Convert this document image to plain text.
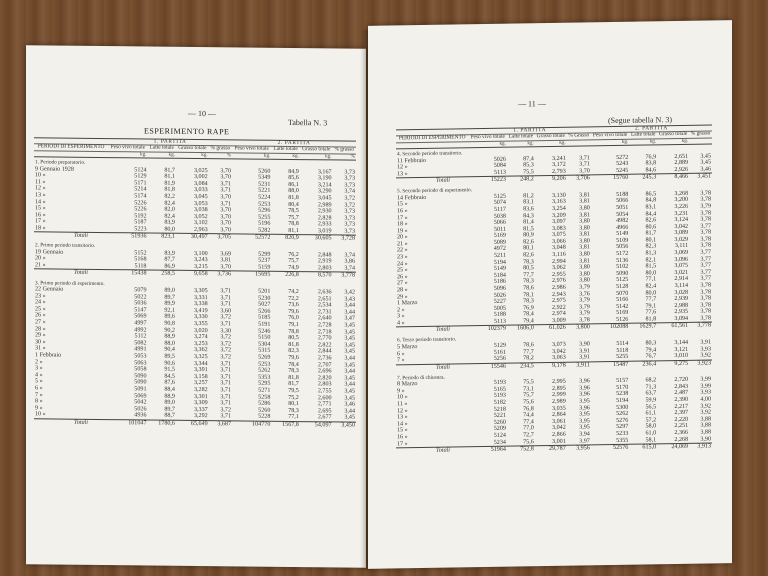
— 10 —
Tabella N. 3
ESPERIMENTO RAPE
	1. PARTITA				2. PARTITA			
PERIODI DI ESPERIMENTO	Peso vivo totale	Latte totale	Grasso totale	% grasso	Peso vivo totale	Latte totale	Grasso totale	% grasso
	kg.	kg.	kg.	%	kg.	kg.	kg.	%
1. Periodo preparatorio.								
9 Gennaio 1928	5124	81,7	3,025	3,70	5260	84,9	3,167	3,73
10 »	5129	81,1	3,002	3,70	5349	85,6	3,190	3,73
11 »	5171	81,9	3,084	3,71	5231	86,1	3,214	3,73
12 »	5214	81,8	3,033	3,71	5221	88,0	3,290	3,74
13 »	5174	82,2	3,045	3,70	5224	81,8	3,045	3,72
14 »	5226	82,4	3,053	3,71	5253	80,4	2,989	3,72
15 »	5226	82,0	3,038	3,70	5296	78,5	2,930	3,73
16 »	5192	82,4	3,052	3,70	5255	75,7	2,828	3,73
17 »	5187	83,9	3,102	3,70	5196	78,8	2,933	3,73
18 »	5223	80,0	2,963	3,70	5282	81,1	3,019	3,73
Totali	51936	823,1	30,497	3,705	52572	820,9	30,605	3,728
2. Primo periodo transitorio.								
19 Gennaio	5152	83,9	3,100	3,69	5299	76,2	2,848	3,74
20 »	5168	87,7	3,243	3,81	5237	75,7	2,919	3,86
21 »	5118	86,9	3,215	3,70	5159	74,9	2,803	3,74
Totali	15438	258,5	9,658	3,736	15695	226,8	8,570	3,778
3. Primo periodo di esperimento.								
22 Gennaio	5079	89,0	3,305	3,71	5201	74,2	2,636	3,42
23 »	5022	89,7	3,331	3,71	5230	72,2	2,651	3,43
24 »	5036	89,9	3,338	3,71	5027	73,6	2,534	3,44
25 »	5147	92,1	3,419	3,60	5266	79,6	2,731	3,44
26 »	5069	89,6	3,330	3,72	5185	76,0	2,640	3,47
27 »	4997	90,8	3,355	3,71	5191	79,1	2,728	3,45
28 »	4992	90,2	3,020	3,30	5246	78,8	2,718	3,45
29 »	5112	88,9	3,274	3,72	5150	80,5	2,770	3,45
30 »	5082	88,0	3,253	3,72	5304	81,8	2,822	3,45
31 »	4991	90,4	3,362	3,72	5315	82,3	2,844	3,45
1 Febbraio	5053	89,5	3,325	3,72	5269	79,6	2,736	3,44
2 »	5063	90,6	3,344	3,71	5253	78,4	2,707	3,45
3 »	5058	91,5	3,391	3,71	5262	78,3	2,696	3,44
4 »	5090	84,5	3,158	3,71	5353	81,8	2,820	3,45
5 »	5090	87,6	3,257	3,71	5295	81,7	2,803	3,44
6 »	5091	88,4	3,282	3,71	5271	79,5	2,755	3,45
7 »	5069	88,9	3,301	3,71	5258	75,2	2,600	3,45
8 »	5042	89,0	3,309	3,71	5286	80,1	2,771	3,46
9 »	5026	89,7	3,337	3,72	5260	78,3	2,695	3,44
10 »	4936	88,7	3,292	3,71	5228	77,1	2,677	3,45
Totali	101047	1780,6	65,649	3,687	104770	1567,8	54,097	3,450
— 11 —
(Segue tabella N. 3)
	1. PARTITA				2. PARTITA			
PERIODI DI ESPERIMENTO	Peso vivo totale	Latte totale	Grasso totale	% Grasso	Peso vivo totale	Latte totale	Grasso totale	% grasso
	kg.	kg.	kg.		kg.	kg.	kg.	
4. Secondo periodo transitorio.								
11 Febbraio	5026	87,4	3,241	3,71	5272	76,9	2,651	3,45
12 »	5084	85,3	3,172	3,71	5243	83,8	2,889	3,45
13 »	5113	75,5	2,793	3,70	5245	84,6	2,926	3,46
Totali	15223	248,2	9,206	3,706	15760	245,3	8,466	3,451
5. Secondo periodo di esperimento.								
14 Febbraio	5125	81,2	3,130	3,81	5188	86,5	3,268	3,78
15 »	5074	83,1	3,163	3,81	5066	84,8	3,200	3,78
16 »	5117	83,6	3,254	3,80	5051	83,1	3,226	3,79
17 »	5038	84,3	3,209	3,81	5054	84,4	3,231	3,78
18 »	5066	81,4	3,097	3,80	4982	82,6	3,124	3,78
19 »	5011	81,5	3,083	3,80	4966	80,6	3,042	3,77
20 »	5169	80,9	3,075	3,81	5149	81,7	3,089	3,78
21 »	5089	82,6	3,066	3,80	5109	80,1	3,029	3,78
22 »	4972	80,1	3,048	3,81	5056	82,3	3,111	3,78
23 »	5211	82,6	3,116	3,80	5172	81,3	3,069	3,77
24 »	5194	78,3	2,994	3,81	5136	82,1	3,096	3,77
25 »	5149	80,5	3,062	3,80	5102	81,5	3,075	3,77
26 »	5184	77,7	2,955	3,80	5090	80,0	3,021	3,77
27 »	5186	78,3	2,976	3,80	5125	77,1	2,914	3,77
28 »	5096	78,6	2,986	3,79	5128	82,4	3,114	3,78
29 »	5026	78,1	2,943	3,76	5070	80,0	3,028	3,78
1 Marzo	5227	78,3	2,975	3,79	5166	77,7	2,939	3,78
2 »	5005	76,9	2,922	3,79	5142	79,1	2,988	3,78
3 »	5188	78,4	2,974	3,79	5169	77,6	2,935	3,78
4 »	5113	79,4	3,009	3,78	5126	81,8	3,094	3,78
Totali	102379	1606,0	61,026	3,800	102088	1629,7	61,561	3,778
6. Terzo periodo transitorio.								
5 Marzo	5129	78,6	3,073	3,90	5114	80,3	3,144	3,91
6 »	5161	77,7	3,042	3,91	5118	79,4	3,121	3,93
7 »	5256	78,2	3,063	3,91	5255	76,7	3,010	3,92
Totali	15546	234,5	9,178	3,911	15487	236,4	9,275	3,923
7. Periodo di chiusura.								
8 Marzo	5193	75,5	2,995	3,96	5157	68,2	2,720	3,99
9 »	5165	73,1	2,895	3,96	5170	71,3	2,843	3,99
10 »	5193	75,7	2,999	3,96	5238	63,7	2,487	3,93
11 »	5182	75,6	2,989	3,95	5194	59,9	2,390	4,00
12 »	5218	76,8	3,035	3,96	5300	56,5	2,217	3,92
13 »	5221	74,4	2,864	3,95	5262	61,1	2,397	3,92
14 »	5260	77,4	3,061	3,95	5276	57,2	2,220	3,88
15 »	5209	77,0	3,042	3,95	5297	58,0	2,251	3,88
16 »	5124	72,7	2,866	3,94	5233	61,0	2,366	3,88
17 »	5234	75,6	3,001	3,97	5355	58,1	2,268	3,90
Totali	51964	752,8	29,787	3,956	52576	615,0	24,069	3,913
